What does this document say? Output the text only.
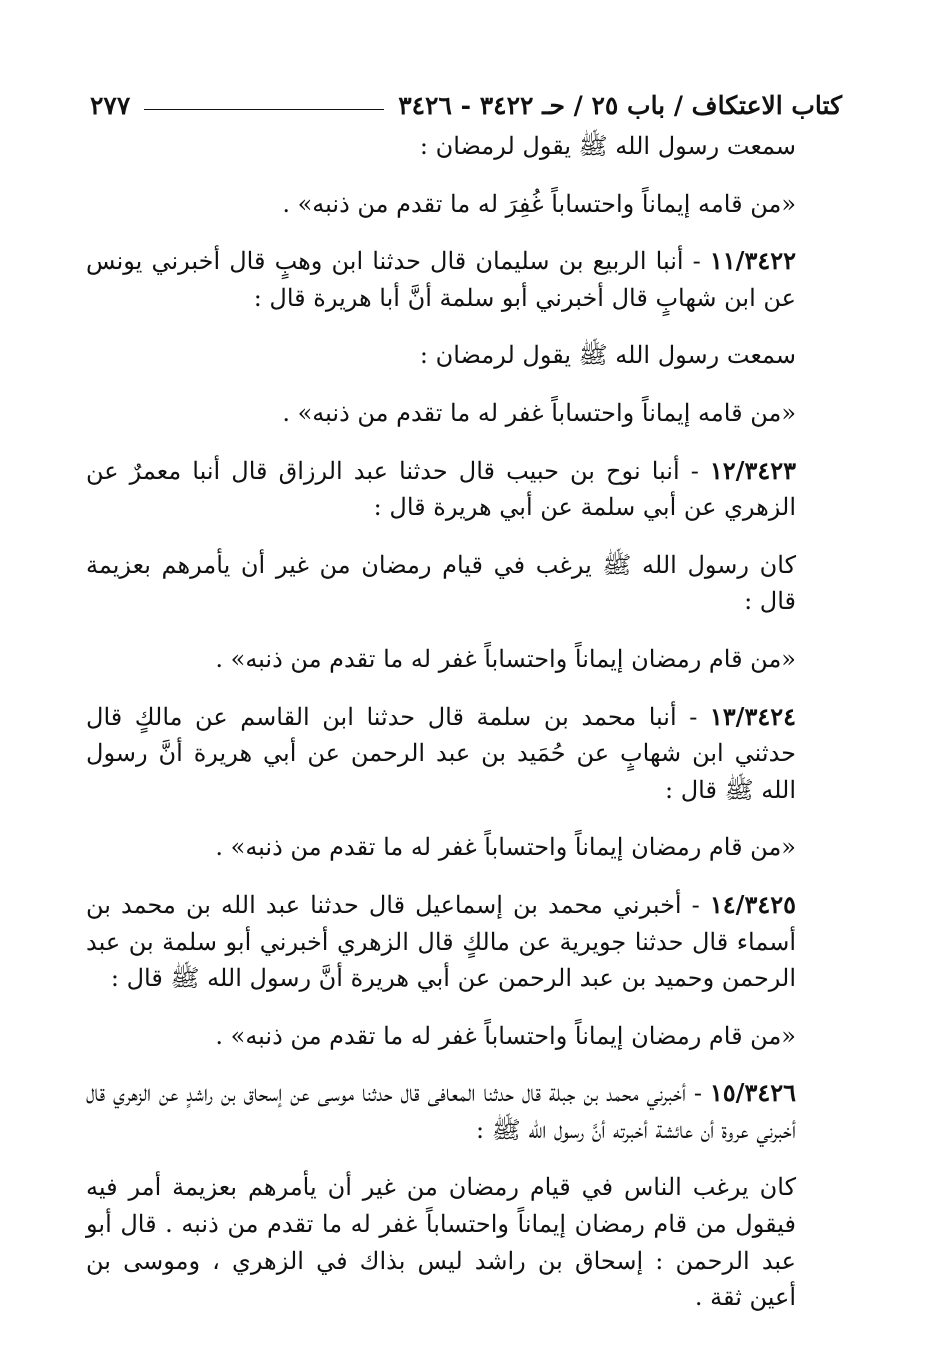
كتاب الاعتكاف / باب ٢٥ / حـ ٣٤٢٢ - ٣٤٢٦
٢٧٧

سمعت رسول الله ﷺ يقول لرمضان :

«من قامه إيماناً واحتساباً غُفِرَ له ما تقدم من ذنبه» .

١١/٣٤٢٢ - أنبا الربيع بن سليمان قال حدثنا ابن وهبٍ قال أخبرني يونس عن ابن شهابٍ قال أخبرني أبو سلمة أنَّ أبا هريرة قال :

سمعت رسول الله ﷺ يقول لرمضان :

«من قامه إيماناً واحتساباً غفر له ما تقدم من ذنبه» .

١٢/٣٤٢٣ - أنبا نوح بن حبيب قال حدثنا عبد الرزاق قال أنبا معمرٌ عن الزهري عن أبي سلمة عن أبي هريرة قال :

كان رسول الله ﷺ يرغب في قيام رمضان من غير أن يأمرهم بعزيمة قال :

«من قام رمضان إيماناً واحتساباً غفر له ما تقدم من ذنبه» .

١٣/٣٤٢٤ - أنبا محمد بن سلمة قال حدثنا ابن القاسم عن مالكٍ قال حدثني ابن شهابٍ عن حُمَيد بن عبد الرحمن عن أبي هريرة أنَّ رسول الله ﷺ قال :

«من قام رمضان إيماناً واحتساباً غفر له ما تقدم من ذنبه» .

١٤/٣٤٢٥ - أخبرني محمد بن إسماعيل قال حدثنا عبد الله بن محمد بن أسماء قال حدثنا جويرية عن مالكٍ قال الزهري أخبرني أبو سلمة بن عبد الرحمن وحميد بن عبد الرحمن عن أبي هريرة أنَّ رسول الله ﷺ قال :

«من قام رمضان إيماناً واحتساباً غفر له ما تقدم من ذنبه» .

١٥/٣٤٢٦ - أخبرني محمد بن جبلة قال حدثنا المعافى قال حدثنا موسى عن إسحاق بن راشدٍ عن الزهري قال أخبرني عروة أن عائشة أخبرته أنَّ رسول الله ﷺ :

كان يرغب الناس في قيام رمضان من غير أن يأمرهم بعزيمة أمر فيه فيقول من قام رمضان إيماناً واحتساباً غفر له ما تقدم من ذنبه . قال أبو عبد الرحمن : إسحاق بن راشد ليس بذاك في الزهري ، وموسى بن أعين ثقة .
